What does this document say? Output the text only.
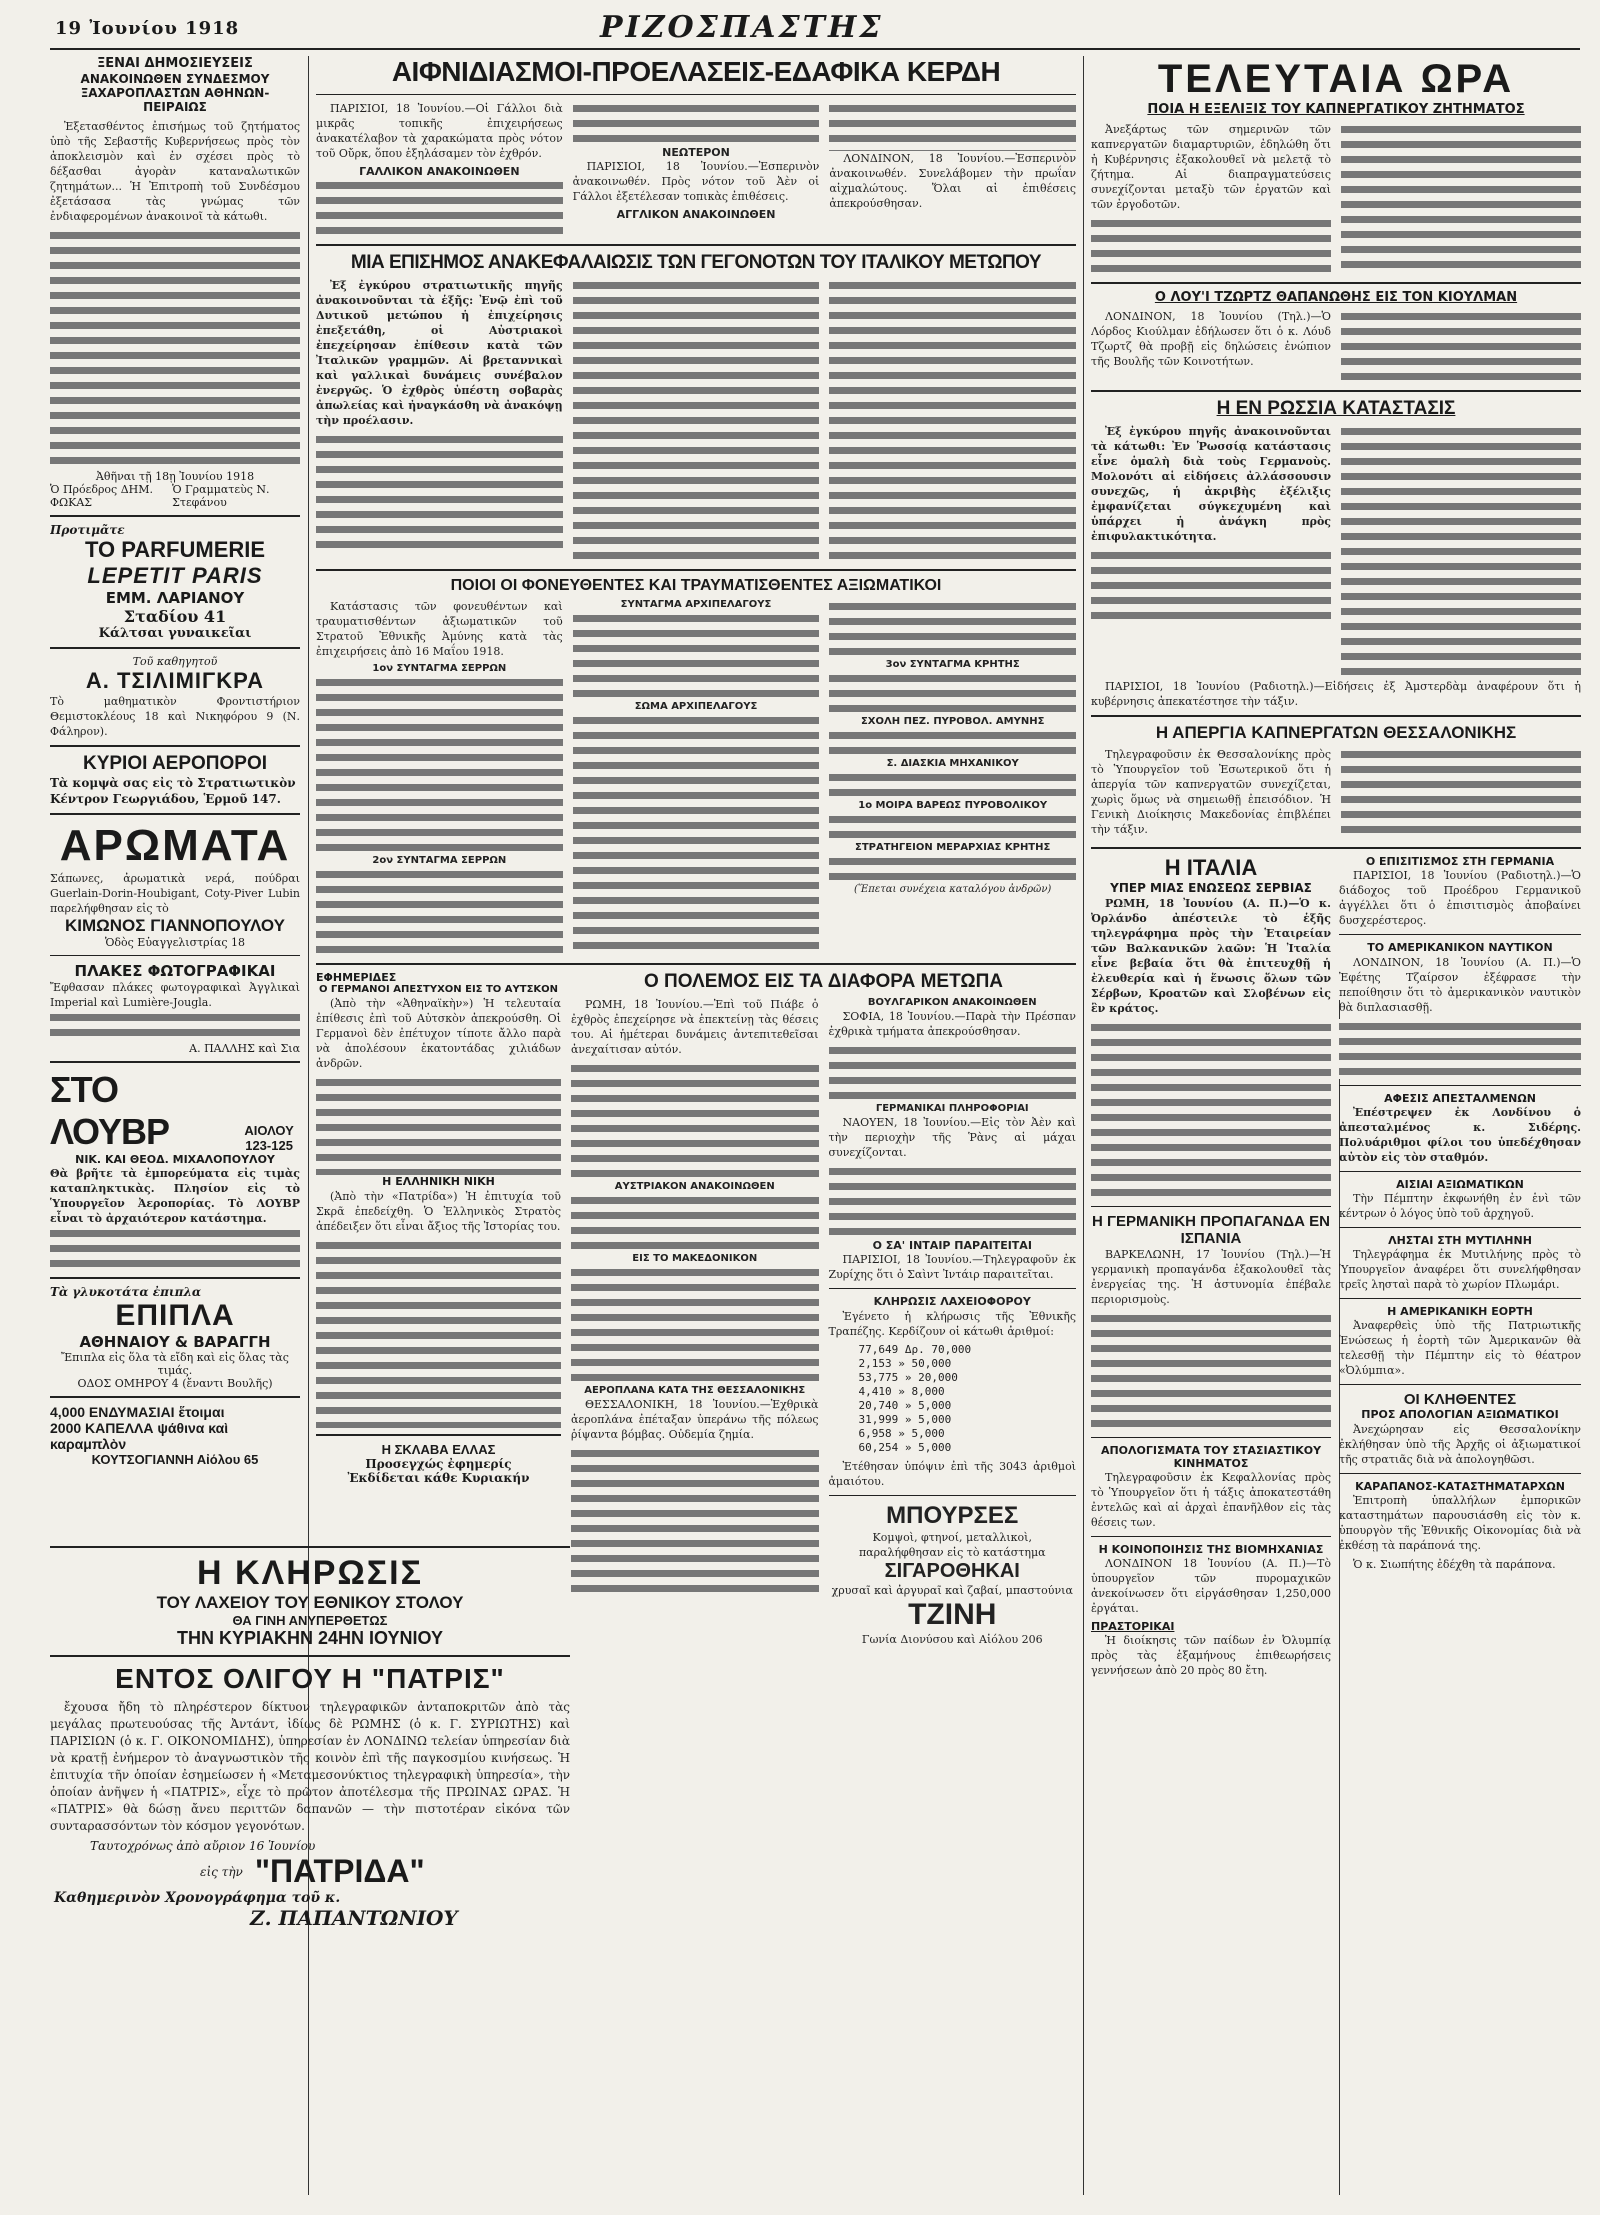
19 Ἰουνίου 1918	ΡΙΖΟΣΠΑΣΤΗΣ
ΞΕΝΑΙ ΔΗΜΟΣΙΕΥΣΕΙΣ
ΑΝΑΚΟΙΝΩΘΕΝ ΣΥΝΔΕΣΜΟΥ ΞΑΧΑΡΟΠΛΑΣΤΩΝ ΑΘΗΝΩΝ-ΠΕΙΡΑΙΩΣ

Ἐξετασθέντος ἐπισήμως τοῦ ζητήματος ὑπὸ τῆς Σεβαστῆς Κυβερνήσεως πρὸς τὸν ἀποκλεισμὸν καὶ ἐν σχέσει πρὸς τὸ δέξασθαι ἀγορὰν καταναλωτικῶν ζητημάτων... Ἡ Ἐπιτροπὴ τοῦ Συνδέσμου ἐξετάσασα τὰς γνώμας τῶν ἐνδιαφερομένων ἀνακοινοῖ τὰ κάτωθι.

Ἀθῆναι τῇ 18ῃ Ἰουνίου 1918
Ὁ Πρόεδρος ΔΗΜ. ΦΩΚΑΣ
Ὁ Γραμματεὺς Ν. Στεφάνου
Προτιμᾶτε
ΤΟ PARFUMERIE
LEPETIT PARIS
ΕΜΜ. ΛΑΡΙΑΝΟΥ
Σταδίου 41
Κάλτσαι γυναικεῖαι
Τοῦ καθηγητοῦ
Α. ΤΣΙΛΙΜΙΓΚΡΑ
Τὸ μαθηματικὸν Φροντιστήριον Θεμιστοκλέους 18 καὶ Νικηφόρου 9 (Ν. Φάληρον).
ΚΥΡΙΟΙ ΑΕΡΟΠΟΡΟΙ
Τὰ κομψὰ σας εἰς τὸ Στρατιωτικὸν Κέντρον Γεωργιάδου, Ἑρμοῦ 147.
ΑΡΩΜΑΤΑ
Σάπωνες, ἀρωματικὰ νερά, πούδραι Guerlain-Dorin-Houbigant, Coty-Piver Lubin παρελήφθησαν εἰς τὸ
ΚΙΜΩΝΟΣ ΓΙΑΝΝΟΠΟΥΛΟΥ
Ὁδὸς Εὐαγγελιστρίας 18
ΠΛΑΚΕΣ ΦΩΤΟΓΡΑΦΙΚΑΙ
Ἔφθασαν πλάκες φωτογραφικαὶ Ἀγγλικαὶ Imperial καὶ Lumière-Jougla.
Α. ΠΑΛΛΗΣ καὶ Σια
ΣΤΟ ΛΟΥΒΡ	ΑΙΟΛΟΥ 123-125
ΝΙΚ. ΚΑΙ ΘΕΟΔ. ΜΙΧΑΛΟΠΟΥΛΟΥ
Θὰ βρῆτε τὰ ἐμπορεύματα εἰς τιμὰς καταπληκτικὰς. Πλησίον εἰς τὸ Ὑπουργεῖον Ἀεροπορίας. Τὸ ΛΟΥΒΡ εἶναι τὸ ἀρχαιότερον κατάστημα.
Τὰ γλυκοτάτα ἐπιπλα
ΕΠΙΠΛΑ
ΑΘΗΝΑΙΟΥ & ΒΑΡΑΓΓΗ
Ἔπιπλα εἰς ὅλα τὰ εἴδη καὶ εἰς ὅλας τὰς τιμάς.
ΟΔΟΣ ΟΜΗΡΟΥ 4 (ἔναντι Βουλῆς)
4,000 ΕΝΔΥΜΑΣΙΑΙ ἕτοιμαι
2000 ΚΑΠΕΛΛΑ ψάθινα καὶ καραμπλὸν
ΚΟΥΤΣΟΓΙΑΝΝΗ Αἰόλου 65
Η ΚΛΗΡΩΣΙΣ
ΤΟΥ ΛΑΧΕΙΟΥ ΤΟΥ ΕΘΝΙΚΟΥ ΣΤΟΛΟΥ
ΘΑ ΓΙΝΗ ΑΝΥΠΕΡΘΕΤΩΣ
ΤΗΝ ΚΥΡΙΑΚΗΝ 24ΗΝ ΙΟΥΝΙΟΥ
ΕΝΤΟΣ ΟΛΙΓΟΥ Η "ΠΑΤΡΙΣ"

ἔχουσα ἤδη τὸ πληρέστερον δίκτυον τηλεγραφικῶν ἀνταποκριτῶν ἀπὸ τὰς μεγάλας πρωτευούσας τῆς Ἀντάντ, ἰδίως δὲ ΡΩΜΗΣ (ὁ κ. Γ. ΣΥΡΙΩΤΗΣ) καὶ ΠΑΡΙΣΙΩΝ (ὁ κ. Γ. ΟΙΚΟΝΟΜΙΔΗΣ), ὑπηρεσίαν ἐν ΛΟΝΔΙΝΩ τελείαν ὑπηρεσίαν διὰ νὰ κρατῇ ἐνήμερον τὸ ἀναγνωστικὸν τῆς κοινὸν ἐπὶ τῆς παγκοσμίου κινήσεως. Ἡ ἐπιτυχία τῆν ὁποίαν ἐσημείωσεν ἡ «Μεταμεσονύκτιος τηλεγραφικὴ ὑπηρεσία», τὴν ὁποίαν ἀνῆψεν ἡ «ΠΑΤΡΙΣ», εἶχε τὸ πρῶτον ἀποτέλεσμα τῆς ΠΡΩΙΝΑΣ ΩΡΑΣ. Ἡ «ΠΑΤΡΙΣ» θὰ δώσῃ ἄνευ περιττῶν δαπανῶν — τὴν πιστοτέραν εἰκόνα τῶν συνταρασσόντων τὸν κόσμον γεγονότων.

Ταυτοχρόνως ἀπὸ αὔριον 16 Ἰουνίου
εἰς τὴν "ΠΑΤΡΙΔΑ"
Καθημερινὸν Χρονογράφημα τοῦ κ.
Ζ. ΠΑΠΑΝΤΩΝΙΟΥ
ΑΙΦΝΙΔΙΑΣΜΟΙ-ΠΡΟΕΛΑΣΕΙΣ-ΕΔΑΦΙΚΑ ΚΕΡΔΗ

ΠΑΡΙΣΙΟΙ, 18 Ἰουνίου.—Οἱ Γάλλοι διὰ μικρᾶς τοπικῆς ἐπιχειρήσεως ἀνακατέλαβον τὰ χαρακώματα πρὸς νότον τοῦ Οὔρκ, ὅπου ἐξηλάσαμεν τὸν ἐχθρόν.

ΓΑΛΛΙΚΟΝ ΑΝΑΚΟΙΝΩΘΕΝ
ΝΕΩΤΕΡΟΝ

ΠΑΡΙΣΙΟΙ, 18 Ἰουνίου.—Ἐσπερινὸν ἀνακοινωθέν. Πρὸς νότον τοῦ Ἀὲν οἱ Γάλλοι ἐξετέλεσαν τοπικὰς ἐπιθέσεις.

ΑΓΓΛΙΚΟΝ ΑΝΑΚΟΙΝΩΘΕΝ

ΛΟΝΔΙΝΟΝ, 18 Ἰουνίου.—Ἐσπερινὸν ἀνακοινωθέν. Συνελάβομεν τὴν πρωΐαν αἰχμαλώτους. Ὅλαι αἱ ἐπιθέσεις ἀπεκρούσθησαν.

ΜΙΑ ΕΠΙΣΗΜΟΣ ΑΝΑΚΕΦΑΛΑΙΩΣΙΣ ΤΩΝ ΓΕΓΟΝΟΤΩΝ ΤΟΥ ΙΤΑΛΙΚΟΥ ΜΕΤΩΠΟΥ

Ἐξ ἐγκύρου στρατιωτικῆς πηγῆς ἀνακοινοῦνται τὰ ἑξῆς: Ἐνῷ ἐπὶ τοῦ Δυτικοῦ μετώπου ἡ ἐπιχείρησις ἐπεξετάθη, οἱ Αὐστριακοὶ ἐπεχείρησαν ἐπίθεσιν κατὰ τῶν Ἰταλικῶν γραμμῶν. Αἱ βρεταννικαὶ καὶ γαλλικαὶ δυνάμεις συνέβαλον ἐνεργῶς. Ὁ ἐχθρὸς ὑπέστη σοβαρὰς ἀπωλείας καὶ ἠναγκάσθη νὰ ἀνακόψῃ τὴν προέλασιν.

ΠΟΙΟΙ ΟΙ ΦΟΝΕΥΘΕΝΤΕΣ ΚΑΙ ΤΡΑΥΜΑΤΙΣΘΕΝΤΕΣ ΑΞΙΩΜΑΤΙΚΟΙ

Κατάστασις τῶν φονευθέντων καὶ τραυματισθέντων ἀξιωματικῶν τοῦ Στρατοῦ Ἐθνικῆς Ἀμύνης κατὰ τὰς ἐπιχειρήσεις ἀπὸ 16 Μαΐου 1918.

1ον ΣΥΝΤΑΓΜΑ ΣΕΡΡΩΝ
2ον ΣΥΝΤΑΓΜΑ ΣΕΡΡΩΝ
ΣΥΝΤΑΓΜΑ ΑΡΧΙΠΕΛΑΓΟΥΣ
ΣΩΜΑ ΑΡΧΙΠΕΛΑΓΟΥΣ
3ον ΣΥΝΤΑΓΜΑ ΚΡΗΤΗΣ
ΣΧΟΛΗ ΠΕΖ. ΠΥΡΟΒΟΛ. ΑΜΥΝΗΣ
Σ. ΔΙΑΣΚΙΑ ΜΗΧΑΝΙΚΟΥ
1ο ΜΟΙΡΑ ΒΑΡΕΩΣ ΠΥΡΟΒΟΛΙΚΟΥ
ΣΤΡΑΤΗΓΕΙΟΝ ΜΕΡΑΡΧΙΑΣ ΚΡΗΤΗΣ
(Ἕπεται συνέχεια καταλόγου ἀνδρῶν)
ΕΦΗΜΕΡΙΔΕΣ
Ο ΓΕΡΜΑΝΟΙ ΑΠΕΣΤΥΧΟΝ ΕΙΣ ΤΟ ΑΥΤΣΚΟΝ

(Ἀπὸ τὴν «Ἀθηναϊκὴν») Ἡ τελευταία ἐπίθεσις ἐπὶ τοῦ Αὐτσκὸν ἀπεκρούσθη. Οἱ Γερμανοὶ δὲν ἐπέτυχον τίποτε ἄλλο παρὰ νὰ ἀπολέσουν ἑκατοντάδας χιλιάδων ἀνδρῶν.

Η ΕΛΛΗΝΙΚΗ ΝΙΚΗ

(Ἀπὸ τὴν «Πατρίδα») Ἡ ἐπιτυχία τοῦ Σκρᾶ ἐπεδείχθη. Ὁ Ἑλληνικὸς Στρατὸς ἀπέδειξεν ὅτι εἶναι ἄξιος τῆς Ἱστορίας του.

Η ΣΚΛΑΒΑ ΕΛΛΑΣ
Προσεγχώς ἐφημερίς
Ἐκδίδεται κάθε Κυριακήν
Ο ΠΟΛΕΜΟΣ ΕΙΣ ΤΑ ΔΙΑΦΟΡΑ ΜΕΤΩΠΑ

ΡΩΜΗ, 18 Ἰουνίου.—Ἐπὶ τοῦ Πιάβε ὁ ἐχθρὸς ἐπεχείρησε νὰ ἐπεκτείνῃ τὰς θέσεις του. Αἱ ἡμέτεραι δυνάμεις ἀντεπιτεθεῖσαι ἀνεχαίτισαν αὐτόν.

ΑΥΣΤΡΙΑΚΟΝ ΑΝΑΚΟΙΝΩΘΕΝ
ΕΙΣ ΤΟ ΜΑΚΕΔΟΝΙΚΟΝ
ΑΕΡΟΠΛΑΝΑ ΚΑΤΑ ΤΗΣ ΘΕΣΣΑΛΟΝΙΚΗΣ

ΘΕΣΣΑΛΟΝΙΚΗ, 18 Ἰουνίου.—Ἐχθρικὰ ἀεροπλάνα ἐπέταξαν ὑπεράνω τῆς πόλεως ῥίψαντα βόμβας. Οὐδεμία ζημία.

ΒΟΥΛΓΑΡΙΚΟΝ ΑΝΑΚΟΙΝΩΘΕΝ

ΣΟΦΙΑ, 18 Ἰουνίου.—Παρὰ τὴν Πρέσπαν ἐχθρικὰ τμήματα ἀπεκρούσθησαν.

ΓΕΡΜΑΝΙΚΑΙ ΠΛΗΡΟΦΟΡΙΑΙ

ΝΑΟΥΕΝ, 18 Ἰουνίου.—Εἰς τὸν Ἀὲν καὶ τὴν περιοχὴν τῆς Ῥὰνς αἱ μάχαι συνεχίζονται.

Ο ΣΑ' ΙΝΤΑΙΡ ΠΑΡΑΙΤΕΙΤΑΙ

ΠΑΡΙΣΙΟΙ, 18 Ἰουνίου.—Τηλεγραφοῦν ἐκ Ζυρίχης ὅτι ὁ Σαὶντ Ἰντάιρ παραιτεῖται.

ΚΛΗΡΩΣΙΣ ΛΑΧΕΙΟΦΟΡΟΥ

Ἐγένετο ἡ κλήρωσις τῆς Ἐθνικῆς Τραπέζης. Κερδίζουν οἱ κάτωθι ἀριθμοί:

77,649 Δρ. 70,000
2,153 » 50,000
53,775 » 20,000
4,410 » 8,000
20,740 » 5,000
31,999 » 5,000
6,958 » 5,000
60,254 » 5,000

Ἐτέθησαν ὑπόψιν ἐπὶ τῆς 3043 ἀριθμοὶ ἀμαιότου.

ΜΠΟΥΡΣΕΣ
Κομψοὶ, φτηνοί, μεταλλικοὶ, παραλήφθησαν εἰς τὸ κατάστημα
ΣΙΓΑΡΟΘΗΚΑΙ
χρυσαῖ καὶ ἀργυραῖ καὶ ζαβαί, μπαστούνια
ΤΖΙΝΗ
Γωνία Διονύσου καὶ Αἰόλου 206
ΤΕΛΕΥΤΑΙΑ ΩΡΑ
ΠΟΙΑ Η ΕΞΕΛΙΞΙΣ ΤΟΥ ΚΑΠΝΕΡΓΑΤΙΚΟΥ ΖΗΤΗΜΑΤΟΣ

Ἀνεξάρτως τῶν σημερινῶν τῶν καπνεργατῶν διαμαρτυριῶν, ἐδηλώθη ὅτι ἡ Κυβέρνησις ἐξακολουθεῖ νὰ μελετᾷ τὸ ζήτημα. Αἱ διαπραγματεύσεις συνεχίζονται μεταξὺ τῶν ἐργατῶν καὶ τῶν ἐργοδοτῶν.

Ο ΛΟΥ'Ι ΤΖΩΡΤΖ ΘΑΠΑΝΩΘΗΣ ΕΙΣ ΤΟΝ ΚΙΟΥΛΜΑΝ

ΛΟΝΔΙΝΟΝ, 18 Ἰουνίου (Τηλ.)—Ὁ Λόρδος Κιούλμαν ἐδήλωσεν ὅτι ὁ κ. Λόυδ Τζωρτζ θὰ προβῇ εἰς δηλώσεις ἐνώπιον τῆς Βουλῆς τῶν Κοινοτήτων.

Η ΕΝ ΡΩΣΣΙΑ ΚΑΤΑΣΤΑΣΙΣ

Ἐξ ἐγκύρου πηγῆς ἀνακοινοῦνται τὰ κάτωθι: Ἐν Ῥωσσίᾳ κατάστασις εἶνε ὁμαλὴ διὰ τοὺς Γερμανοὺς. Μολονότι αἱ εἰδήσεις ἀλλάσσουσιν συνεχῶς, ἡ ἀκριβὴς ἐξέλιξις ἐμφανίζεται σύγκεχυμένη καὶ ὑπάρχει ἡ ἀνάγκη πρὸς ἐπιφυλακτικότητα.

ΠΑΡΙΣΙΟΙ, 18 Ἰουνίου (Ραδιοτηλ.)—Εἰδήσεις ἐξ Ἀμστερδὰμ ἀναφέρουν ὅτι ἡ κυβέρνησις ἀπεκατέστησε τὴν τάξιν.

Η ΑΠΕΡΓΙΑ ΚΑΠΝΕΡΓΑΤΩΝ ΘΕΣΣΑΛΟΝΙΚΗΣ

Τηλεγραφοῦσιν ἐκ Θεσσαλονίκης πρὸς τὸ Ὑπουργεῖον τοῦ Ἐσωτερικοῦ ὅτι ἡ ἀπεργία τῶν καπνεργατῶν συνεχίζεται, χωρὶς ὅμως νὰ σημειωθῇ ἐπεισόδιον. Ἡ Γενικὴ Διοίκησις Μακεδονίας ἐπιβλέπει τὴν τάξιν.

Η ΙΤΑΛΙΑ
ΥΠΕΡ ΜΙΑΣ ΕΝΩΣΕΩΣ ΣΕΡΒΙΑΣ

ΡΩΜΗ, 18 Ἰουνίου (Α. Π.)—Ὁ κ. Ὀρλάνδο ἀπέστειλε τὸ ἑξῆς τηλεγράφημα πρὸς τὴν Ἑταιρείαν τῶν Βαλκανικῶν λαῶν: Ἡ Ἰταλία εἶνε βεβαία ὅτι θὰ ἐπιτευχθῇ ἡ ἐλευθερία καὶ ἡ ἕνωσις ὅλων τῶν Σέρβων, Κροατῶν καὶ Σλοβένων εἰς ἓν κράτος.

Η ΓΕΡΜΑΝΙΚΗ ΠΡΟΠΑΓΑΝΔΑ ΕΝ ΙΣΠΑΝΙΑ

ΒΑΡΚΕΛΩΝΗ, 17 Ἰουνίου (Τηλ.)—Ἡ γερμανικὴ προπαγάνδα ἐξακολουθεῖ τὰς ἐνεργείας της. Ἡ ἀστυνομία ἐπέβαλε περιορισμοὺς.

ΑΠΟΛΟΓΙΣΜΑΤΑ ΤΟΥ ΣΤΑΣΙΑΣΤΙΚΟΥ ΚΙΝΗΜΑΤΟΣ

Τηλεγραφοῦσιν ἐκ Κεφαλλονίας πρὸς τὸ Ὑπουργεῖον ὅτι ἡ τάξις ἀποκατεστάθη ἐντελῶς καὶ αἱ ἀρχαὶ ἐπανῆλθον εἰς τὰς θέσεις των.

Η ΚΟΙΝΟΠΟΙΗΣΙΣ ΤΗΣ ΒΙΟΜΗΧΑΝΙΑΣ

ΛΟΝΔΙΝΟΝ 18 Ἰουνίου (Α. Π.)—Τὸ ὑπουργεῖον τῶν πυρομαχικῶν ἀνεκοίνωσεν ὅτι εἰργάσθησαν 1,250,000 ἐργάται.

ΠΡΑΣΤΟΡΙΚΑΙ

Ἡ διοίκησις τῶν παίδων ἐν Ὀλυμπίᾳ πρὸς τὰς ἑξαμήνους ἐπιθεωρήσεις γεννήσεων ἀπὸ 20 πρὸς 80 ἔτη.

Ο ΕΠΙΣΙΤΙΣΜΟΣ ΣΤΗ ΓΕΡΜΑΝΙΑ

ΠΑΡΙΣΙΟΙ, 18 Ἰουνίου (Ραδιοτηλ.)—Ὁ διάδοχος τοῦ Προέδρου Γερμανικοῦ ἀγγέλλει ὅτι ὁ ἐπισιτισμὸς ἀποβαίνει δυσχερέστερος.

ΤΟ ΑΜΕΡΙΚΑΝΙΚΟΝ ΝΑΥΤΙΚΟΝ

ΛΟΝΔΙΝΟΝ, 18 Ἰουνίου (Α. Π.)—Ὁ Ἐφέτης Τζαίρσον ἐξέφρασε τὴν πεποίθησιν ὅτι τὸ ἀμερικανικὸν ναυτικὸν θὰ διπλασιασθῇ.

ΑΦΕΣΙΣ ΑΠΕΣΤΑΛΜΕΝΩΝ

Ἐπέστρεψεν ἐκ Λονδίνου ὁ ἀπεσταλμένος κ. Σιδέρης. Πολυάριθμοι φίλοι του ὑπεδέχθησαν αὐτὸν εἰς τὸν σταθμόν.

ΑΙΣΙΑΙ ΑΞΙΩΜΑΤΙΚΩΝ

Τὴν Πέμπτην ἐκφωνήθη ἐν ἑνὶ τῶν κέντρων ὁ λόγος ὑπὸ τοῦ ἀρχηγοῦ.

ΛΗΣΤΑΙ ΣΤΗ ΜΥΤΙΛΗΝΗ

Τηλεγράφημα ἐκ Μυτιλήνης πρὸς τὸ Ὑπουργεῖον ἀναφέρει ὅτι συνελήφθησαν τρεῖς λησταὶ παρὰ τὸ χωρίον Πλωμάρι.

Η ΑΜΕΡΙΚΑΝΙΚΗ ΕΟΡΤΗ

Ἀναφερθεὶς ὑπὸ τῆς Πατριωτικῆς Ἑνώσεως ἡ ἑορτὴ τῶν Ἀμερικανῶν θὰ τελεσθῇ τὴν Πέμπτην εἰς τὸ θέατρον «Ὀλύμπια».

ΟΙ ΚΛΗΘΕΝΤΕΣ
ΠΡΟΣ ΑΠΟΛΟΓΙΑΝ ΑΞΙΩΜΑΤΙΚΟΙ

Ἀνεχώρησαν εἰς Θεσσαλονίκην ἐκλήθησαν ὑπὸ τῆς Ἀρχῆς οἱ ἀξιωματικοί τῆς στρατιᾶς διὰ νὰ ἀπολογηθῶσι.

ΚΑΡΑΠΑΝΟΣ-ΚΑΤΑΣΤΗΜΑΤΑΡΧΩΝ

Ἐπιτροπὴ ὑπαλλήλων ἐμπορικῶν καταστημάτων παρουσιάσθη εἰς τὸν κ. ὑπουργὸν τῆς Ἐθνικῆς Οἰκονομίας διὰ νὰ ἐκθέσῃ τὰ παράπονά της.

Ὁ κ. Σιωπήτης ἐδέχθη τὰ παράπονα.
